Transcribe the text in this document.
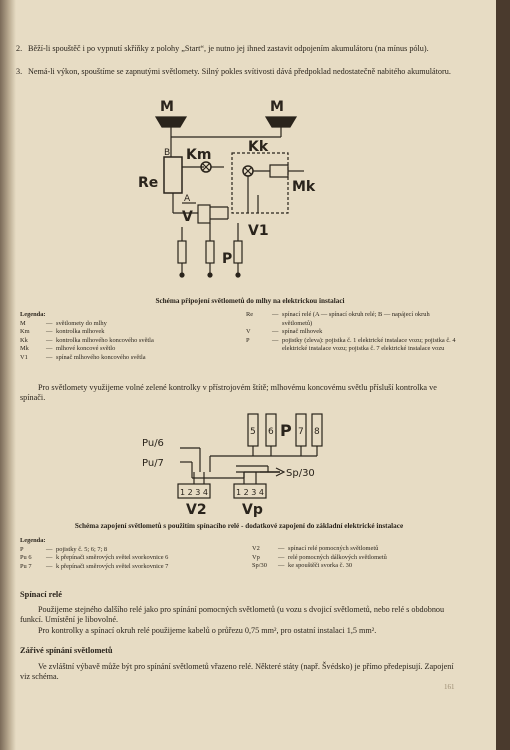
2. Běží-li spouštěč i po vypnutí skříňky z polohy „Start“, je nutno jej ihned zastavit odpojením akumulátoru (na mínus pólu).
3. Nemá-li výkon, spouštíme se zapnutými světlomety. Silný pokles svítivosti dává předpoklad nedostatečně nabitého akumulátoru.
M	M
Km	Kk
Mk
Re
V
V1
P
B
A
Schéma připojení světlometů do mlhy na elektrickou instalaci
Legenda:
M	— světlomety do mlhy
Km	— kontrolka mlhovek
Kk	— kontrolka mlhového koncového světla
Mk	— mlhové koncové světlo
V1	— spínač mlhového koncového světla
Re	— spínací relé (A — spínací okruh relé; B — napájecí okruh světlometů)
V	— spínač mlhovek
P	— pojistky (zleva): pojistka č. 1 elektrické instalace vozu; pojistka č. 4 elektrické instalace vozu; pojistka č. 7 elektrické instalace vozu
Pro světlomety využijeme volné zelené kontrolky v přístrojovém štítě; mlhovému koncovému světlu přísluší kontrolka ve spínači.
Pu/6
Pu/7
5 6 P 7 8
1 2 3 4	1 2 3 4
Sp/30
V2	Vp
Schéma zapojení světlometů s použitím spínacího relé - dodatkové zapojení do základní elektrické instalace
Legenda:
P	— pojistky č. 5; 6; 7; 8
Pu 6	— k přepínači směrových světel svorkovnice 6
Pu 7	— k přepínači směrových světel svorkovnice 7
V2	— spínací relé pomocných světlometů
Vp	— relé pomocných dálkových světlometů
Sp/30	— ke spouštěči svorka č. 30
Spínací relé
Použijeme stejného dalšího relé jako pro spínání pomocných světlometů (u vozu s dvojicí světlometů, nebo relé s obdobnou funkcí. Umístění je libovolné.
Pro kontrolky a spínací okruh relé použijeme kabelů o průřezu 0,75 mm², pro ostatní instalaci 1,5 mm².
Zářivé spínání světlometů
Ve zvláštní výbavě může být pro spínání světlometů vřazeno relé. Některé státy (např. Švédsko) je přímo předepisují. Zapojení viz schéma.
161
